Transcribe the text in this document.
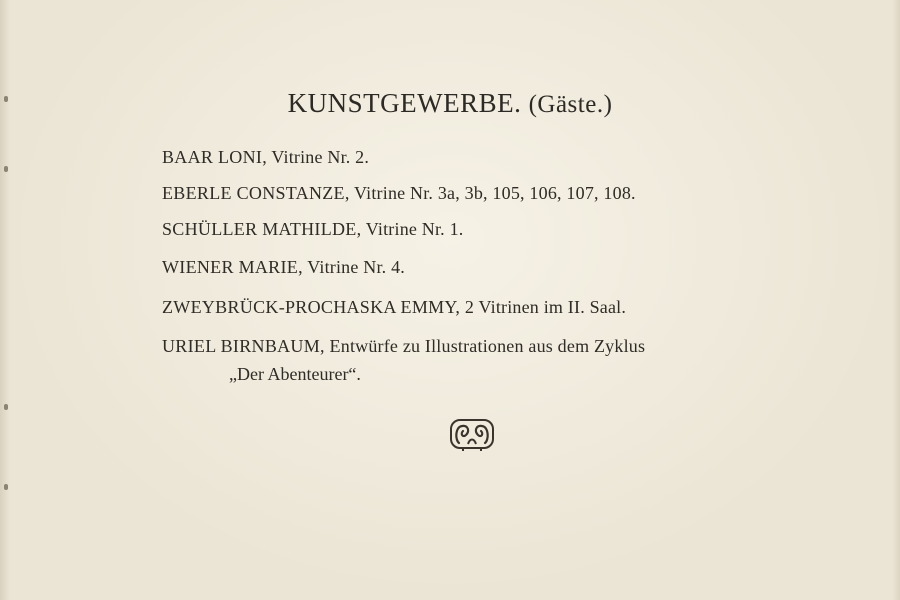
KUNSTGEWERBE. (Gäste.)
BAAR LONI, Vitrine Nr. 2.
EBERLE CONSTANZE, Vitrine Nr. 3a, 3b, 105, 106, 107, 108.
SCHÜLLER MATHILDE, Vitrine Nr. 1.
WIENER MARIE, Vitrine Nr. 4.
ZWEYBRÜCK-PROCHASKA EMMY, 2 Vitrinen im II. Saal.
URIEL BIRNBAUM, Entwürfe zu Illustrationen aus dem Zyklus
„Der Abenteurer“.
